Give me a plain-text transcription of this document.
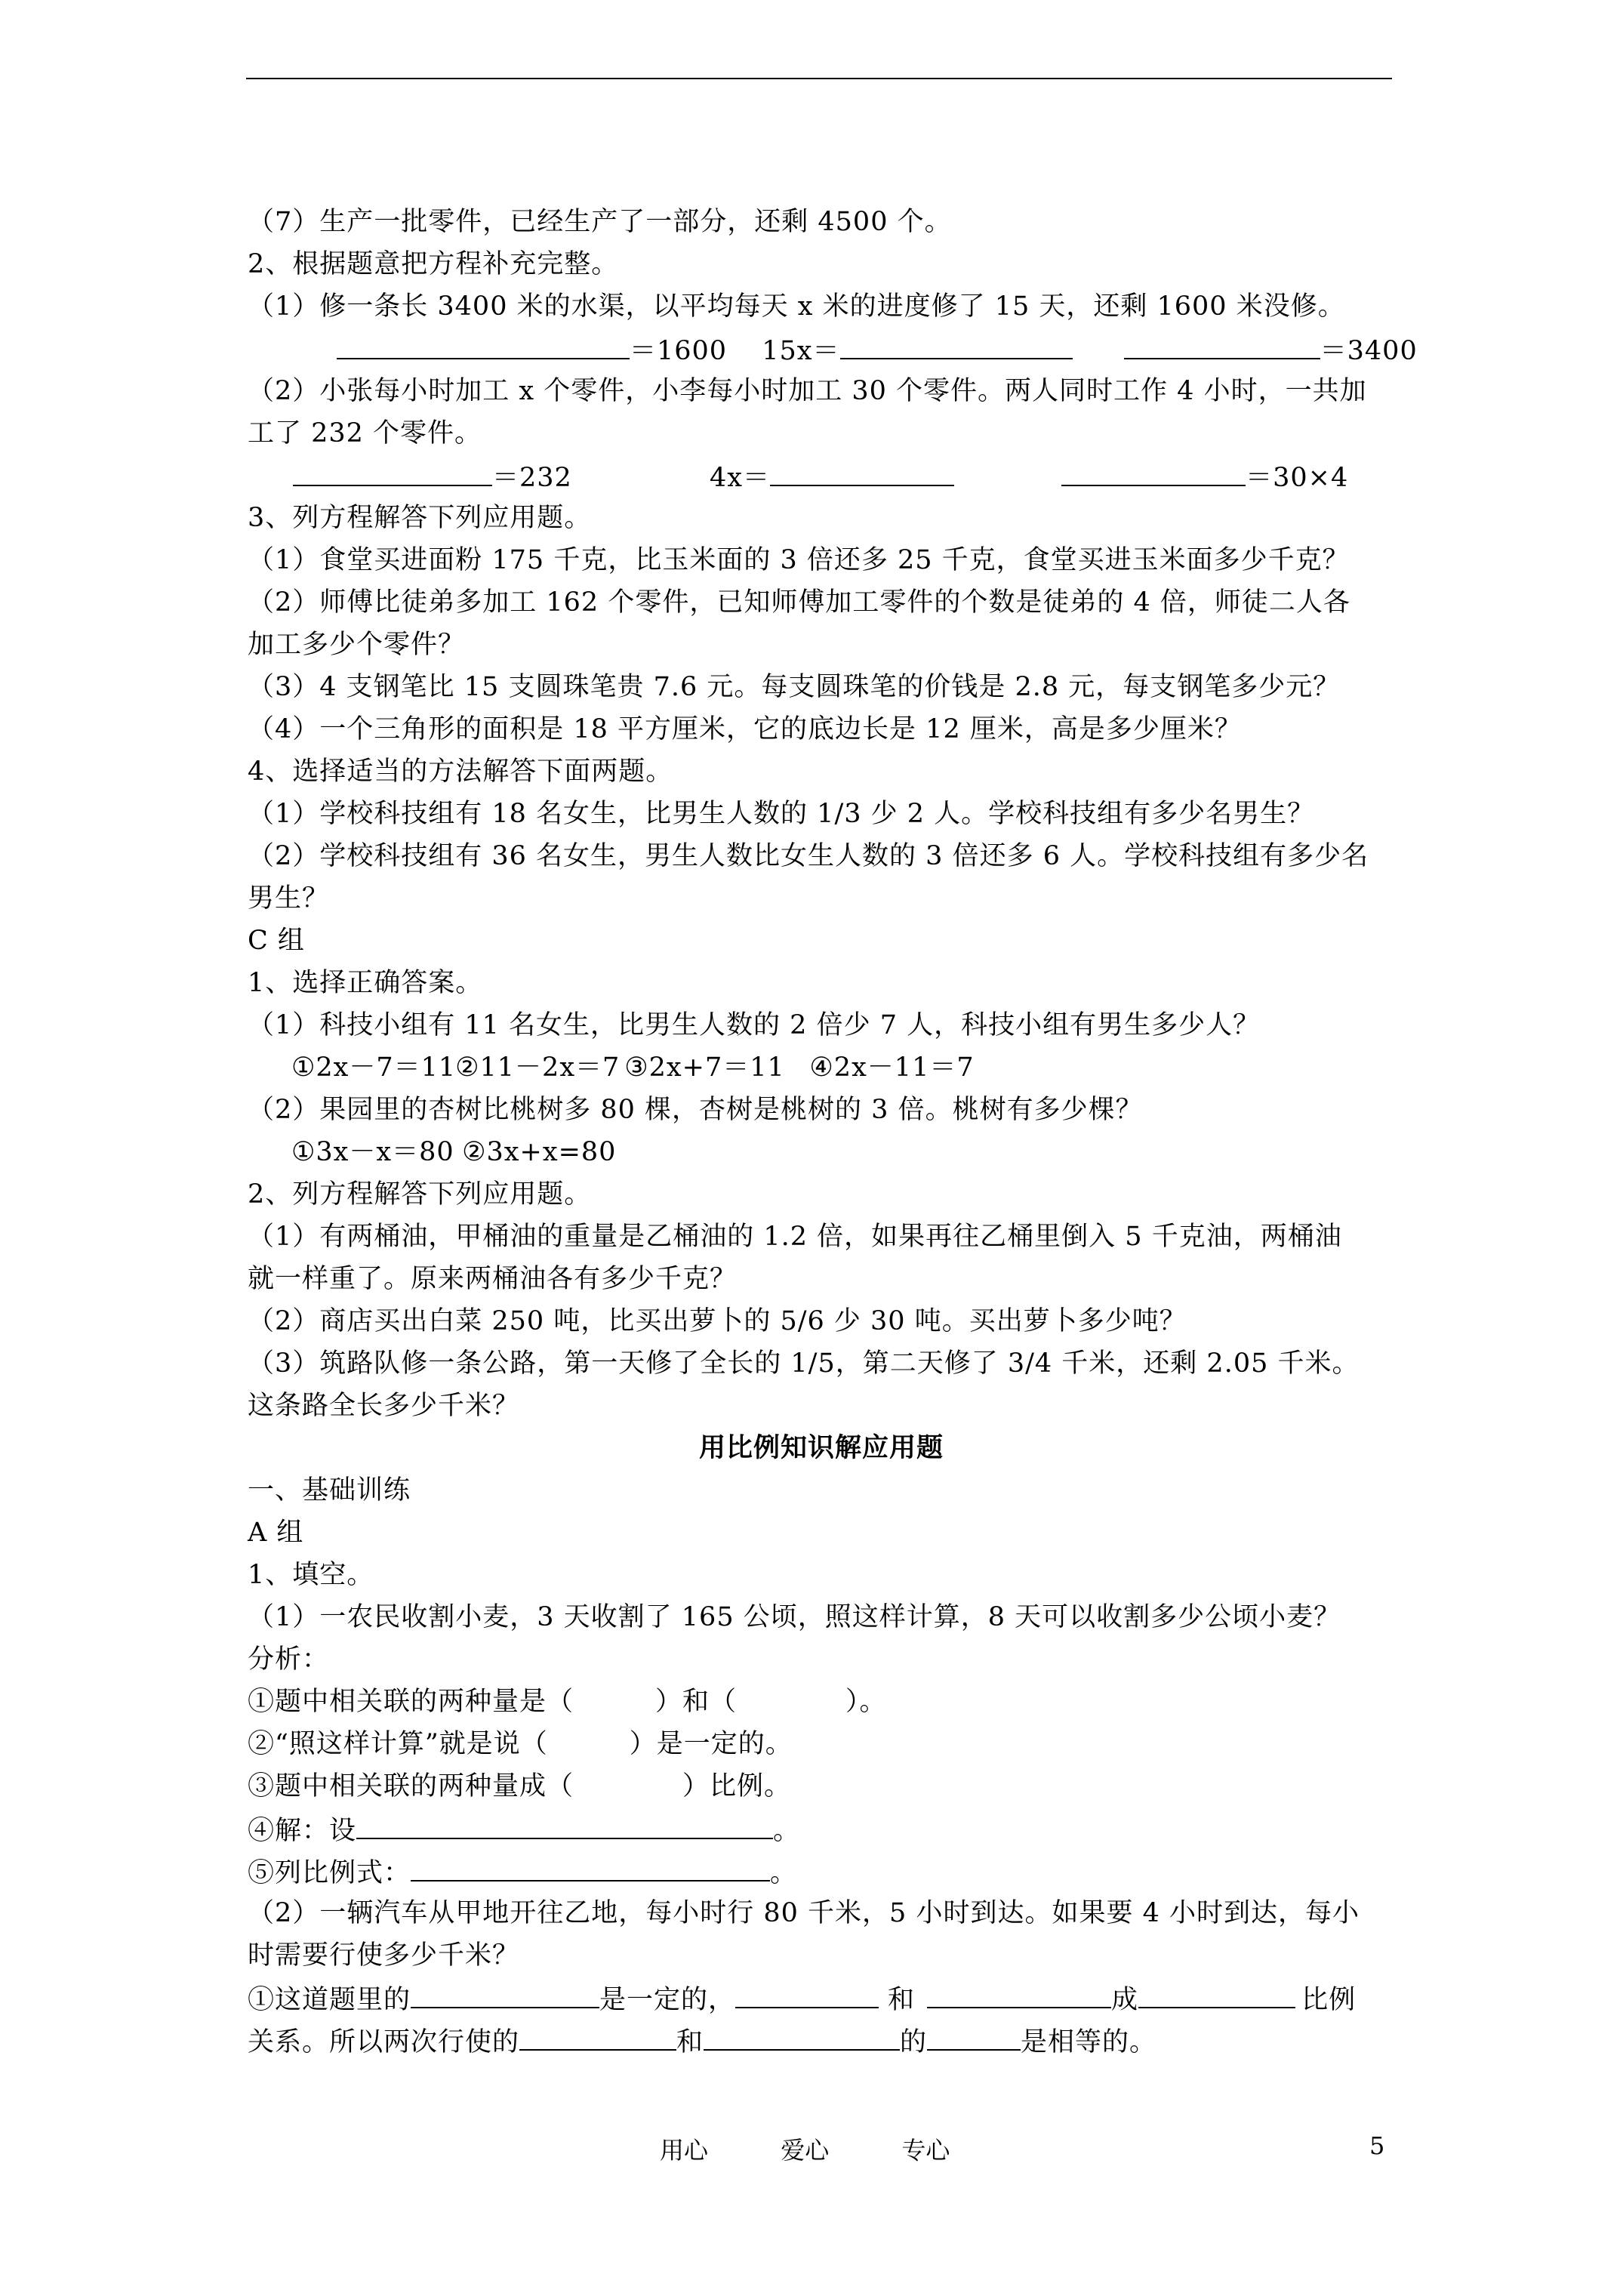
（7）生产一批零件，已经生产了一部分，还剩 4500 个。
2、根据题意把方程补充完整。
（1）修一条长 3400 米的水渠，以平均每天 x 米的进度修了 15 天，还剩 1600 米没修。
＝1600 15x＝	＝3400
（2）小张每小时加工 x 个零件，小李每小时加工 30 个零件。两人同时工作 4 小时，一共加
工了 232 个零件。
＝232	4x＝	＝30×4
3、列方程解答下列应用题。
（1）食堂买进面粉 175 千克，比玉米面的 3 倍还多 25 千克，食堂买进玉米面多少千克？
（2）师傅比徒弟多加工 162 个零件，已知师傅加工零件的个数是徒弟的 4 倍，师徒二人各
加工多少个零件？
（3）4 支钢笔比 15 支圆珠笔贵 7.6 元。每支圆珠笔的价钱是 2.8 元，每支钢笔多少元？
（4）一个三角形的面积是 18 平方厘米，它的底边长是 12 厘米，高是多少厘米？
4、选择适当的方法解答下面两题。
（1）学校科技组有 18 名女生，比男生人数的 1/3 少 2 人。学校科技组有多少名男生？
（2）学校科技组有 36 名女生，男生人数比女生人数的 3 倍还多 6 人。学校科技组有多少名
男生？
C 组
1、选择正确答案。
（1）科技小组有 11 名女生，比男生人数的 2 倍少 7 人，科技小组有男生多少人？
①2x－7＝11 ②11－2x＝7 ③2x+7＝11 ④2x－11＝7
（2）果园里的杏树比桃树多 80 棵，杏树是桃树的 3 倍。桃树有多少棵？
①3x－x＝80 ②3x+x=80
2、列方程解答下列应用题。
（1）有两桶油，甲桶油的重量是乙桶油的 1.2 倍，如果再往乙桶里倒入 5 千克油，两桶油
就一样重了。原来两桶油各有多少千克？
（2）商店买出白菜 250 吨，比买出萝卜的 5/6 少 30 吨。买出萝卜多少吨？
（3）筑路队修一条公路，第一天修了全长的 1/5，第二天修了 3/4 千米，还剩 2.05 千米。
这条路全长多少千米？
用比例知识解应用题
一、基础训练
A 组
1、填空。
（1）一农民收割小麦，3 天收割了 165 公顷，照这样计算，8 天可以收割多少公顷小麦？
分析：
①题中相关联的两种量是（　　　）和（　　　　）。
②“照这样计算”就是说（　　　）是一定的。
③题中相关联的两种量成（　　　　）比例。
④解：设	。
⑤列比例式：	。
（2）一辆汽车从甲地开往乙地，每小时行 80 千米，5 小时到达。如果要 4 小时到达，每小
时需要行使多少千米？
①这道题里的	是一定的，	和	成	比例
关系。所以两次行使的	和	的	是相等的。
用心	爱心	专心	5
